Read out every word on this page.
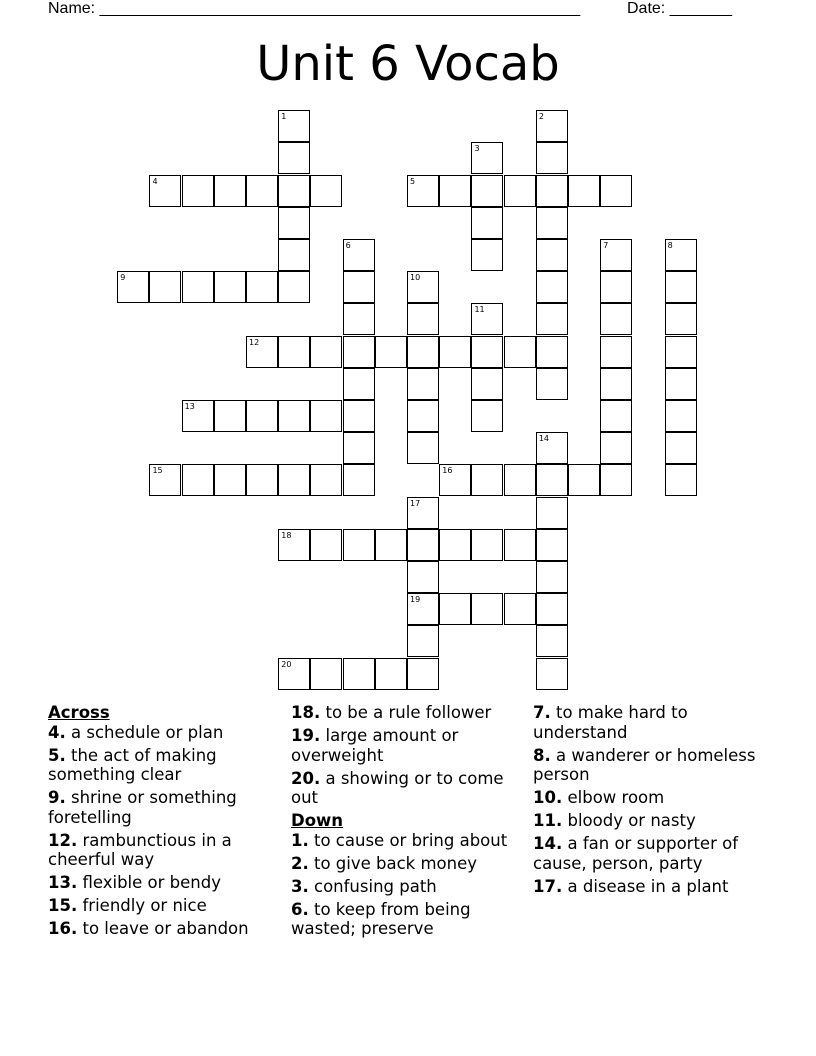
Name: ______________________________________________________	Date: _______
Unit 6 Vocab
1	2
3
4	5
6	7	8
9	10
11
12
13
14
15	16
17
19
18
20
Across
4. a schedule or plan
5. the act of making something clear
9. shrine or something foretelling
12. rambunctious in a cheerful way
13. flexible or bendy
15. friendly or nice
16. to leave or abandon
18. to be a rule follower
19. large amount or overweight
20. a showing or to come out
Down
1. to cause or bring about
2. to give back money
3. confusing path
6. to keep from being wasted; preserve
7. to make hard to understand
8. a wanderer or homeless person
10. elbow room
11. bloody or nasty
14. a fan or supporter of cause, person, party
17. a disease in a plant
